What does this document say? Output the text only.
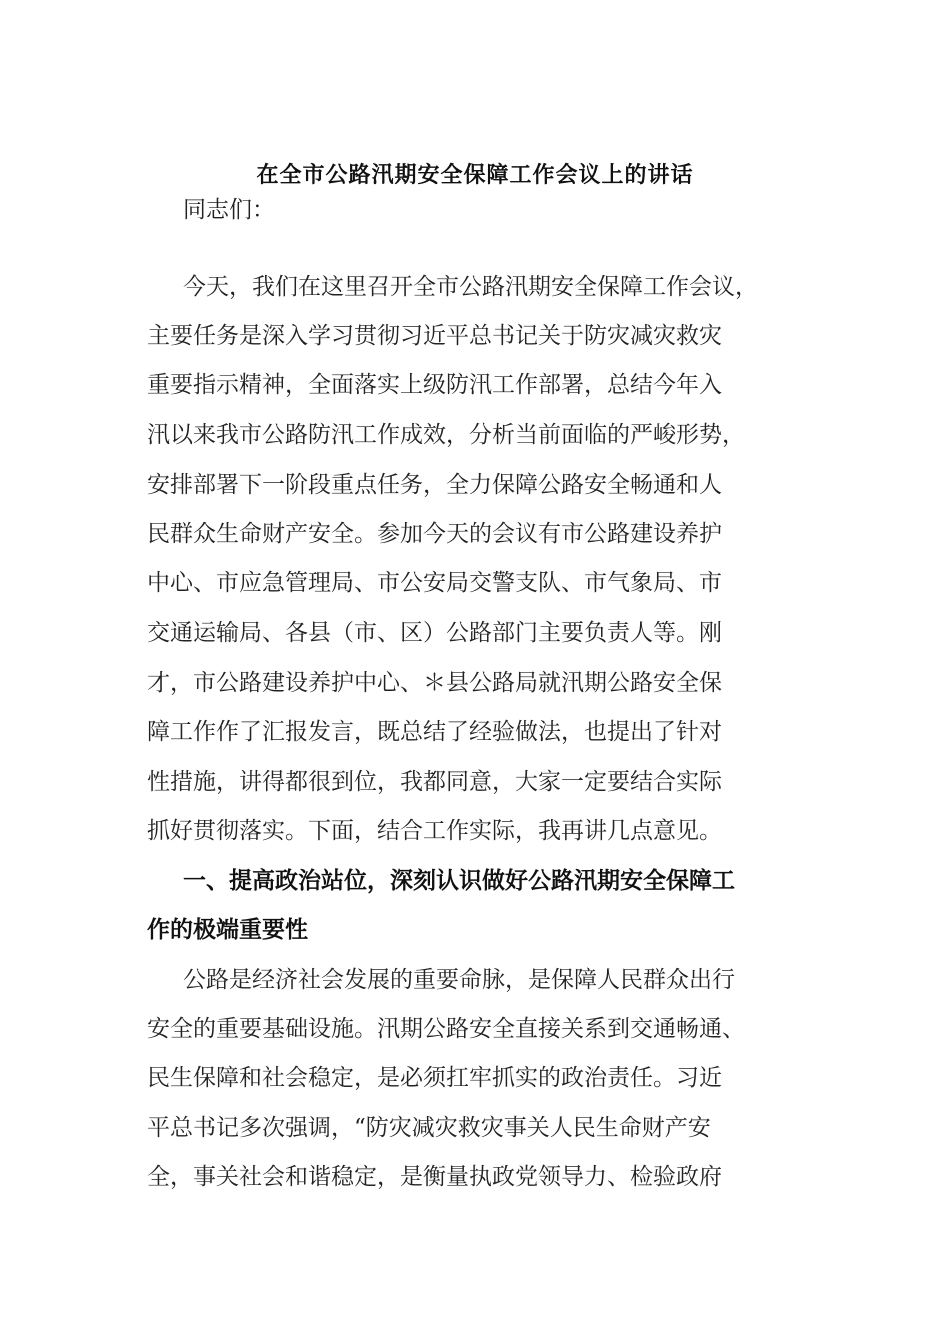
在全市公路汛期安全保障工作会议上的讲话
同志们：
今天，我们在这里召开全市公路汛期安全保障工作会议，
主要任务是深入学习贯彻习近平总书记关于防灾减灾救灾
重要指示精神，全面落实上级防汛工作部署，总结今年入
汛以来我市公路防汛工作成效，分析当前面临的严峻形势，
安排部署下一阶段重点任务，全力保障公路安全畅通和人
民群众生命财产安全。参加今天的会议有市公路建设养护
中心、市应急管理局、市公安局交警支队、市气象局、市
交通运输局、各县（市、区）公路部门主要负责人等。刚
才，市公路建设养护中心、＊县公路局就汛期公路安全保
障工作作了汇报发言，既总结了经验做法，也提出了针对
性措施，讲得都很到位，我都同意，大家一定要结合实际
抓好贯彻落实。下面，结合工作实际，我再讲几点意见。
一、提高政治站位，深刻认识做好公路汛期安全保障工
作的极端重要性
公路是经济社会发展的重要命脉，是保障人民群众出行
安全的重要基础设施。汛期公路安全直接关系到交通畅通、
民生保障和社会稳定，是必须扛牢抓实的政治责任。习近
平总书记多次强调，“防灾减灾救灾事关人民生命财产安
全，事关社会和谐稳定，是衡量执政党领导力、检验政府
